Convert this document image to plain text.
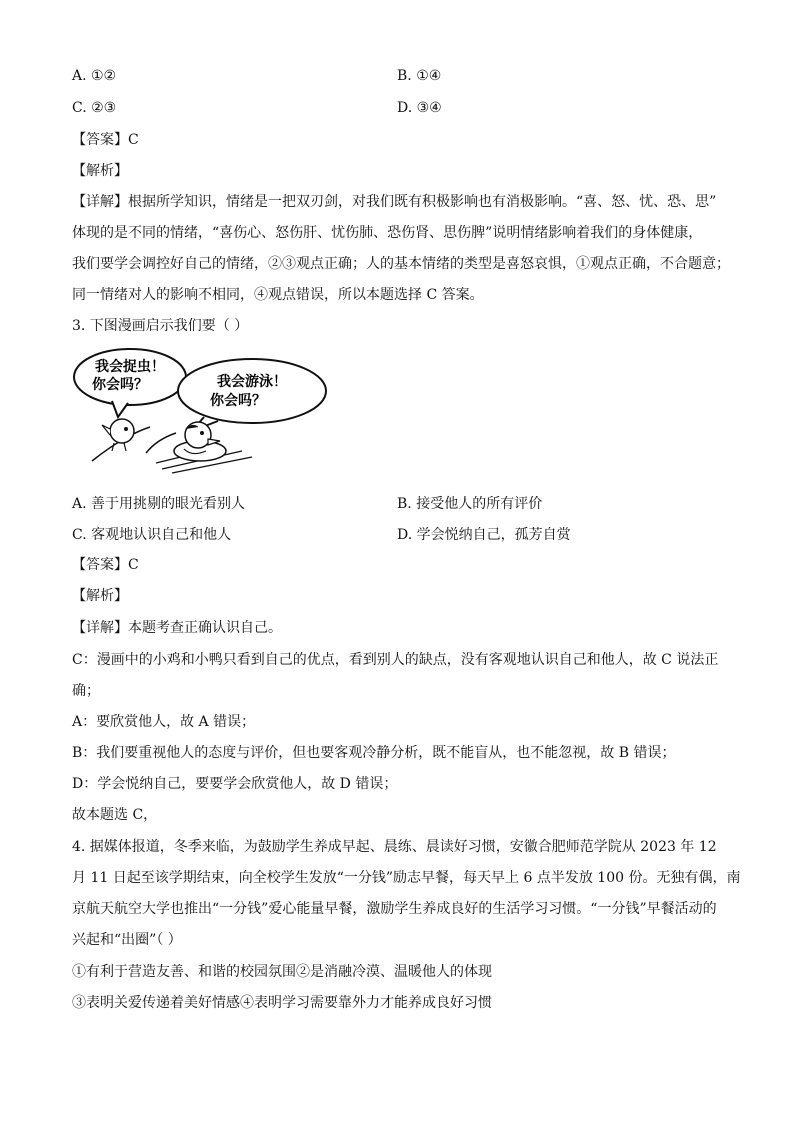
A. ①②	B. ①④
C. ②③	D. ③④
【答案】C
【解析】
【详解】根据所学知识，情绪是一把双刃剑，对我们既有积极影响也有消极影响。“喜、怒、忧、恐、思”
体现的是不同的情绪，“喜伤心、怒伤肝、忧伤肺、恐伤肾、思伤脾”说明情绪影响着我们的身体健康，
我们要学会调控好自己的情绪，②③观点正确；人的基本情绪的类型是喜怒哀惧，①观点正确，不合题意；
同一情绪对人的影响不相同，④观点错误，所以本题选择 C 答案。
3. 下图漫画启示我们要（ ）
我会捉虫！
你会吗？	我会游泳！
你会吗？
A. 善于用挑剔的眼光看别人	B. 接受他人的所有评价
C. 客观地认识自己和他人	D. 学会悦纳自己，孤芳自赏
【答案】C
【解析】
【详解】本题考查正确认识自己。
C：漫画中的小鸡和小鸭只看到自己的优点，看到别人的缺点，没有客观地认识自己和他人，故 C 说法正
确；
A：要欣赏他人，故 A 错误；
B：我们要重视他人的态度与评价，但也要客观冷静分析，既不能盲从，也不能忽视，故 B 错误；
D：学会悦纳自己，要要学会欣赏他人，故 D 错误；
故本题选 C，
4. 据媒体报道，冬季来临，为鼓励学生养成早起、晨练、晨读好习惯，安徽合肥师范学院从 2023 年 12
月 11 日起至该学期结束，向全校学生发放“一分钱”励志早餐，每天早上 6 点半发放 100 份。无独有偶，南
京航天航空大学也推出“一分钱”爱心能量早餐，激励学生养成良好的生活学习习惯。“一分钱”早餐活动的
兴起和“出圈”（ ）
①有利于营造友善、和谐的校园氛围②是消融冷漠、温暖他人的体现
③表明关爱传递着美好情感④表明学习需要靠外力才能养成良好习惯
